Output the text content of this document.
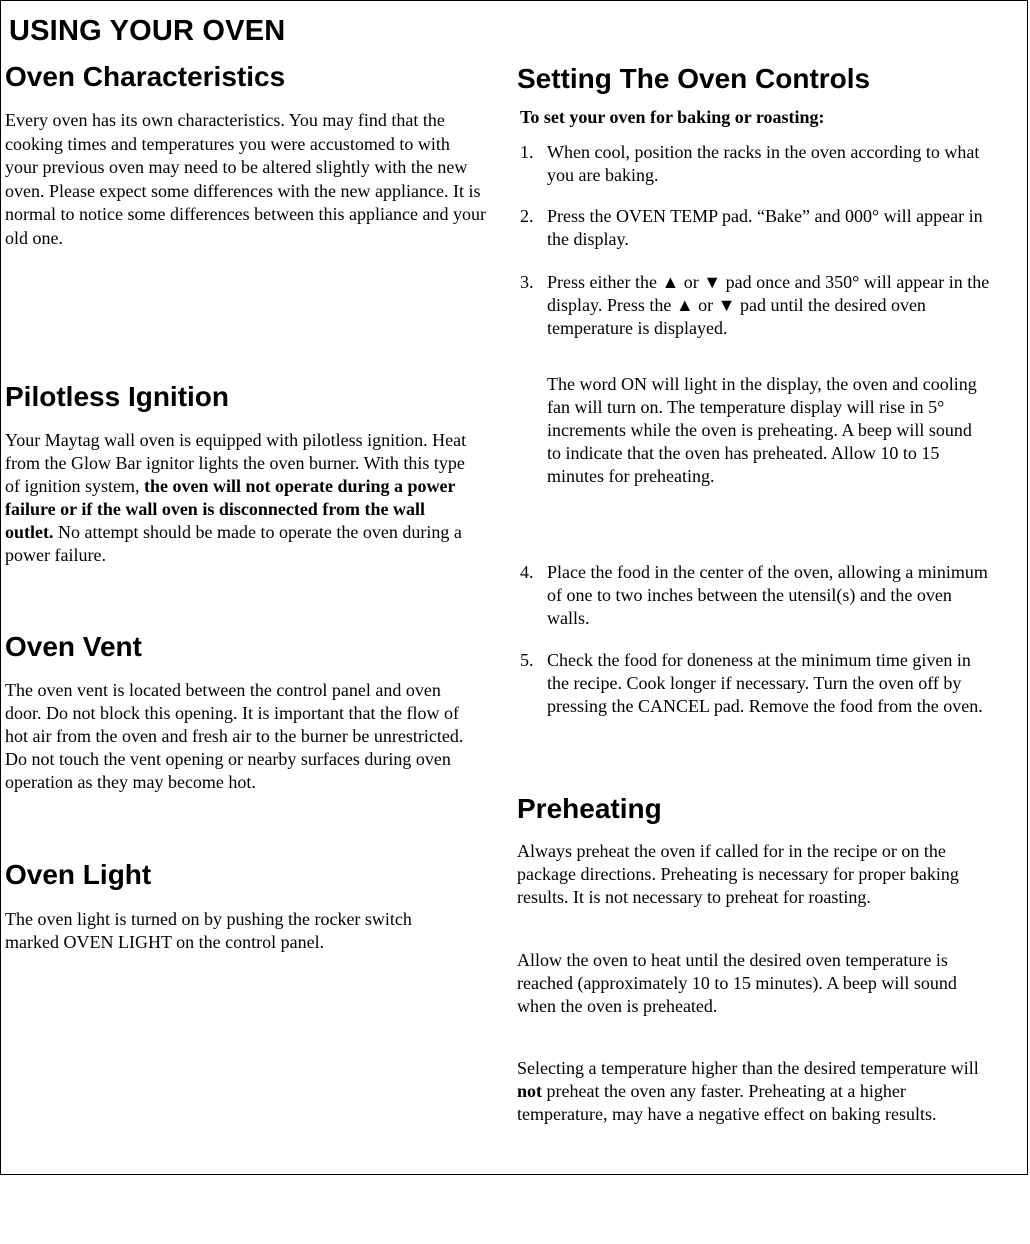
USING YOUR OVEN
Oven Characteristics

Every oven has its own characteristics. You may find that the cooking times and temperatures you were accustomed to with your previous oven may need to be altered slightly with the new oven. Please expect some differences with the new appliance. It is normal to notice some differences between this appliance and your old one.

Pilotless Ignition

Your Maytag wall oven is equipped with pilotless ignition. Heat from the Glow Bar ignitor lights the oven burner. With this type of ignition system, the oven will not operate during a power failure or if the wall oven is disconnected from the wall outlet. No attempt should be made to operate the oven during a power failure.

Oven Vent

The oven vent is located between the control panel and oven door. Do not block this opening. It is important that the flow of hot air from the oven and fresh air to the burner be unrestricted. Do not touch the vent opening or nearby surfaces during oven operation as they may become hot.

Oven Light

The oven light is turned on by pushing the rocker switch marked OVEN LIGHT on the control panel.

Setting The Oven Controls

To set your oven for baking or roasting:

1. When cool, position the racks in the oven according to what you are baking.
2. Press the OVEN TEMP pad. “Bake” and 000° will appear in the display.
3. Press either the ▲ or ▼ pad once and 350° will appear in the display. Press the ▲ or ▼ pad until the desired oven temperature is displayed.

The word ON will light in the display, the oven and cooling fan will turn on. The temperature display will rise in 5° increments while the oven is preheating. A beep will sound to indicate that the oven has preheated. Allow 10 to 15 minutes for preheating.

4. Place the food in the center of the oven, allowing a minimum of one to two inches between the utensil(s) and the oven walls.
5. Check the food for doneness at the minimum time given in the recipe. Cook longer if necessary. Turn the oven off by pressing the CANCEL pad. Remove the food from the oven.
Preheating

Always preheat the oven if called for in the recipe or on the package directions. Preheating is necessary for proper baking results. It is not necessary to preheat for roasting.

Allow the oven to heat until the desired oven temperature is reached (approximately 10 to 15 minutes). A beep will sound when the oven is preheated.

Selecting a temperature higher than the desired temperature will not preheat the oven any faster. Preheating at a higher temperature, may have a negative effect on baking results.
